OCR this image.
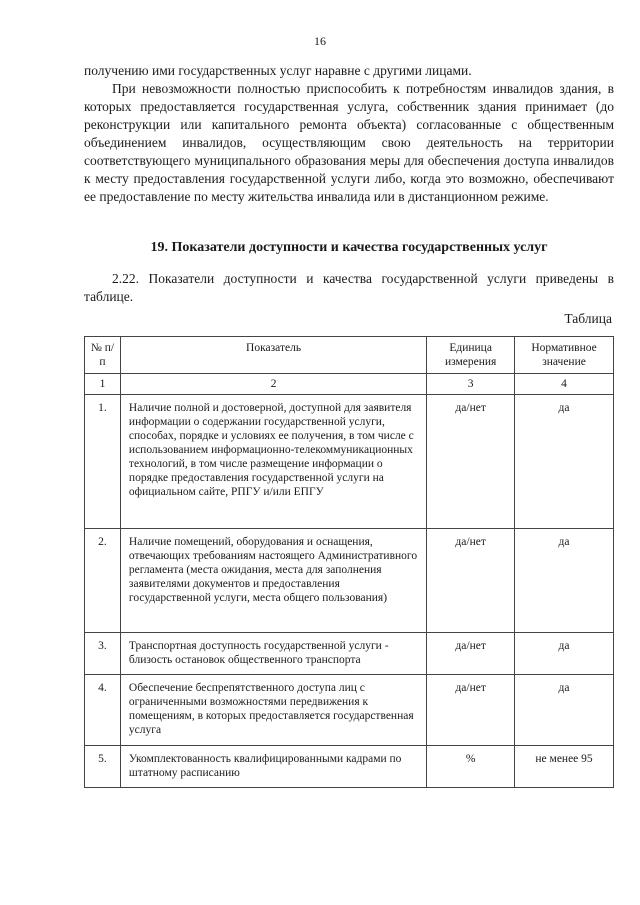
16

получению ими государственных услуг наравне с другими лицами.

При невозможности полностью приспособить к потребностям инвалидов здания, в которых предоставляется государственная услуга, собственник здания принимает (до реконструкции или капитального ремонта объекта) согласованные с общественным объединением инвалидов, осуществляющим свою деятельность на территории соответствующего муниципального образования меры для обеспечения доступа инвалидов к месту предоставления государственной услуги либо, когда это возможно, обеспечивают ее предоставление по месту жительства инвалида или в дистанционном режиме.

19. Показатели доступности и качества государственных услуг

2.22. Показатели доступности и качества государственной услуги приведены в таблице.

Таблица
№ п/п	Показатель	Единица измерения	Нормативное значение
1	2	3	4
1.	Наличие полной и достоверной, доступной для заявителя информации о содержании государственной услуги, способах, порядке и условиях ее получения, в том числе с использованием информационно-телекоммуникационных технологий, в том числе размещение информации о порядке предоставления государственной услуги на официальном сайте, РПГУ и/или ЕПГУ	да/нет	да
2.	Наличие помещений, оборудования и оснащения, отвечающих требованиям настоящего Административного регламента (места ожидания, места для заполнения заявителями документов и предоставления государственной услуги, места общего пользования)	да/нет	да
3.	Транспортная доступность государственной услуги - близость остановок общественного транспорта	да/нет	да
4.	Обеспечение беспрепятственного доступа лиц с ограниченными возможностями передвижения к помещениям, в которых предоставляется государственная услуга	да/нет	да
5.	Укомплектованность квалифицированными кадрами по штатному расписанию	%	не менее 95
